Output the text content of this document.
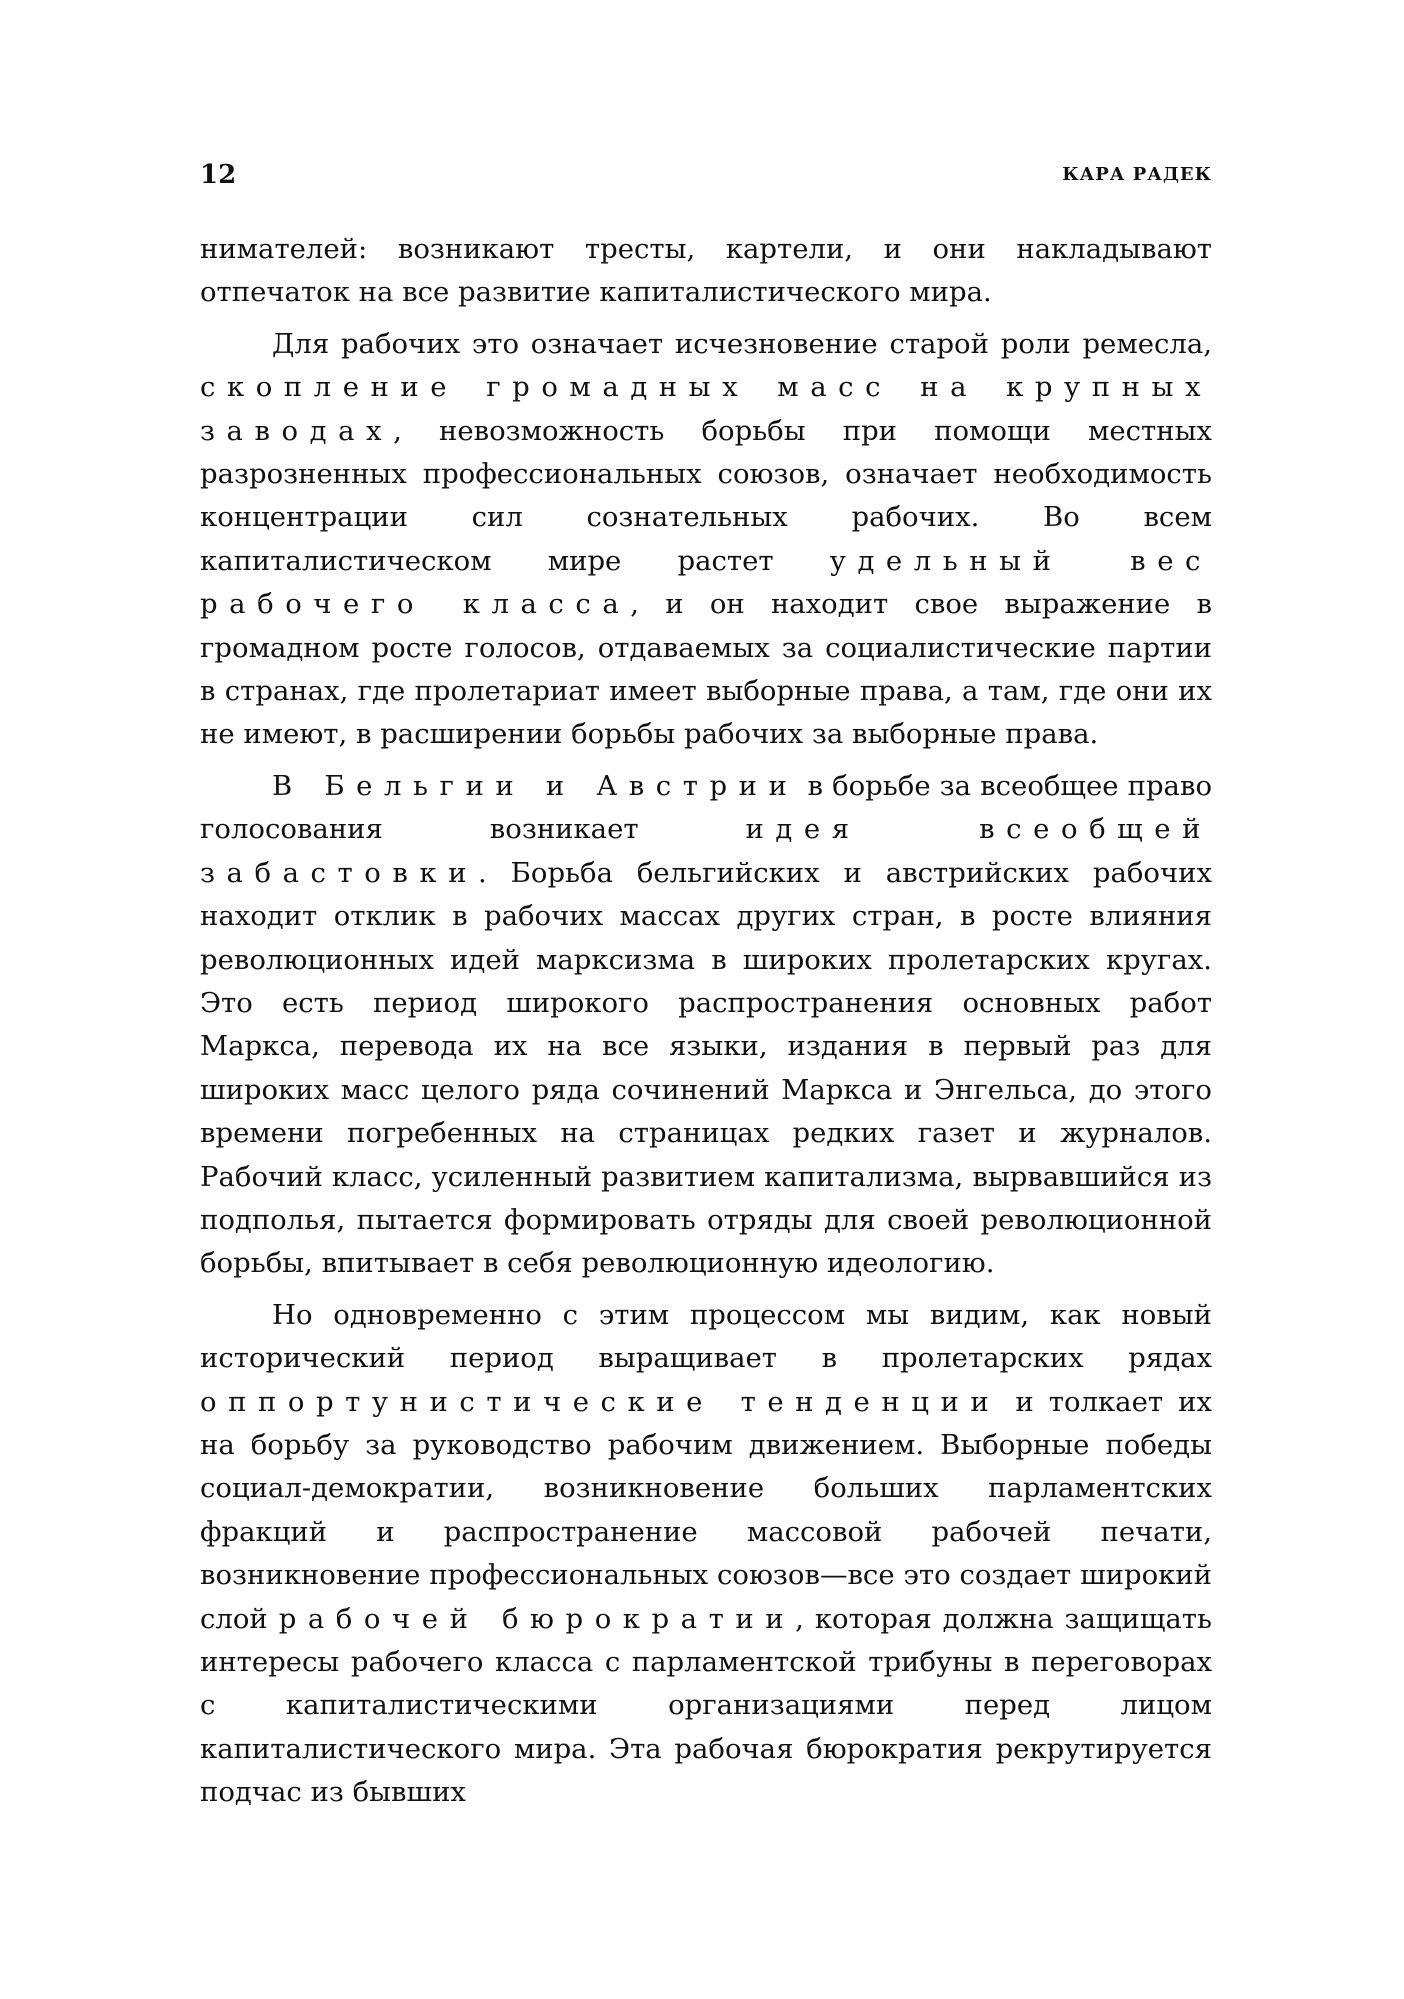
12	КАРА РАДЕК

нимателей: возникают тресты, картели, и они накладывают отпечаток на все развитие капиталистического мира.

Для рабочих это означает исчезновение старой роли ремесла, скопление громадных масс на крупных заводах, невозможность борьбы при помощи местных разрозненных профессиональных союзов, означает необходимость концентрации сил сознательных рабочих. Во всем капиталистическом мире растет удельный вес рабочего класса, и он находит свое выражение в громадном росте голосов, отдаваемых за социалистические партии в странах, где пролетариат имеет выборные права, а там, где они их не имеют, в расширении борьбы рабочих за выборные права.

В Бельгии и Австрии в борьбе за всеобщее право голосования возникает идея всеобщей забастовки. Борьба бельгийских и австрийских рабочих находит отклик в рабочих массах других стран, в росте влияния революционных идей марксизма в широких пролетарских кругах. Это есть период широкого распространения основных работ Маркса, перевода их на все языки, издания в первый раз для широких масс целого ряда сочинений Маркса и Энгельса, до этого времени погребенных на страницах редких газет и журналов. Рабочий класс, усиленный развитием капитализма, вырвавшийся из подполья, пытается формировать отряды для своей революционной борьбы, впитывает в себя революционную идеологию.

Но одновременно с этим процессом мы видим, как новый исторический период выращивает в пролетарских рядах оппортунистические тенденции и толкает их на борьбу за руководство рабочим движением. Выборные победы социал-демократии, возникновение больших парламентских фракций и распространение массовой рабочей печати, возникновение профессиональных союзов—все это создает широкий слой рабочей бюрократии, которая должна защищать интересы рабочего класса с парламентской трибуны в переговорах с капиталистическими организациями перед лицом капиталистического мира. Эта рабочая бюрократия рекрутируется подчас из бывших
